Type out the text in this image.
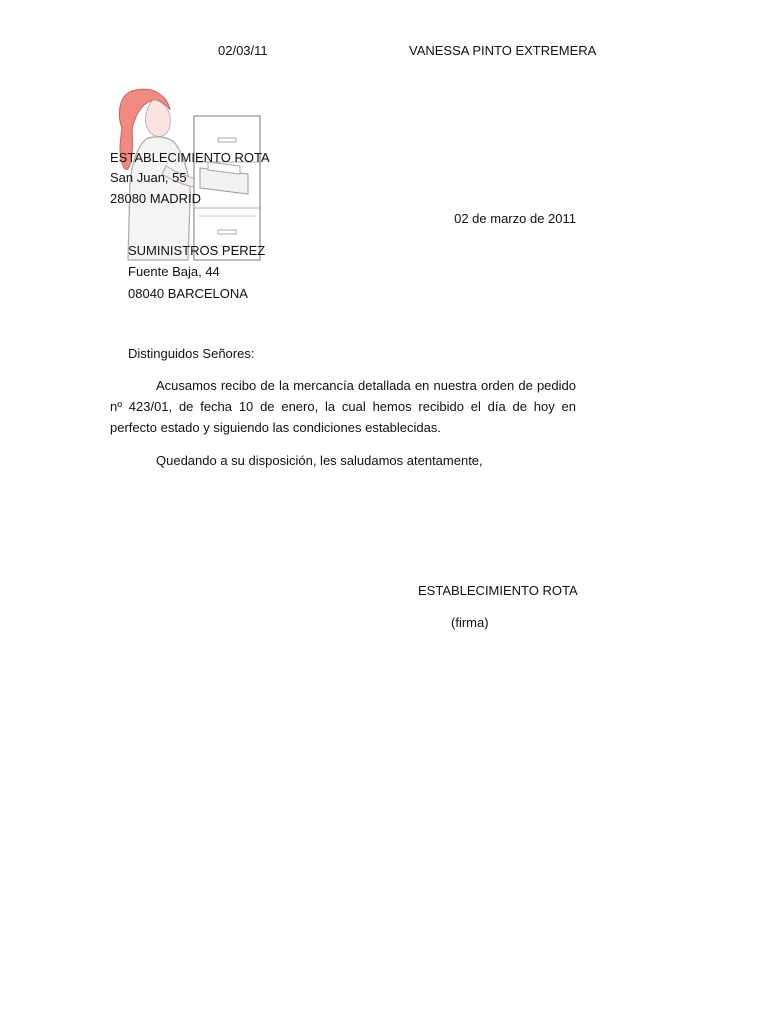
02/03/11	VANESSA PINTO EXTREMERA
ESTABLECIMIENTO ROTA
San Juan, 55
28080 MADRID
02 de marzo de 2011
SUMINISTROS PEREZ
Fuente Baja, 44
08040 BARCELONA
Distinguidos Señores:
Acusamos recibo de la mercancía detallada en nuestra orden de pedido nº 423/01, de fecha 10 de enero, la cual hemos recibido el día de hoy en perfecto estado y siguiendo las condiciones establecidas.
Quedando a su disposición, les saludamos atentamente,
ESTABLECIMIENTO ROTA
(firma)
